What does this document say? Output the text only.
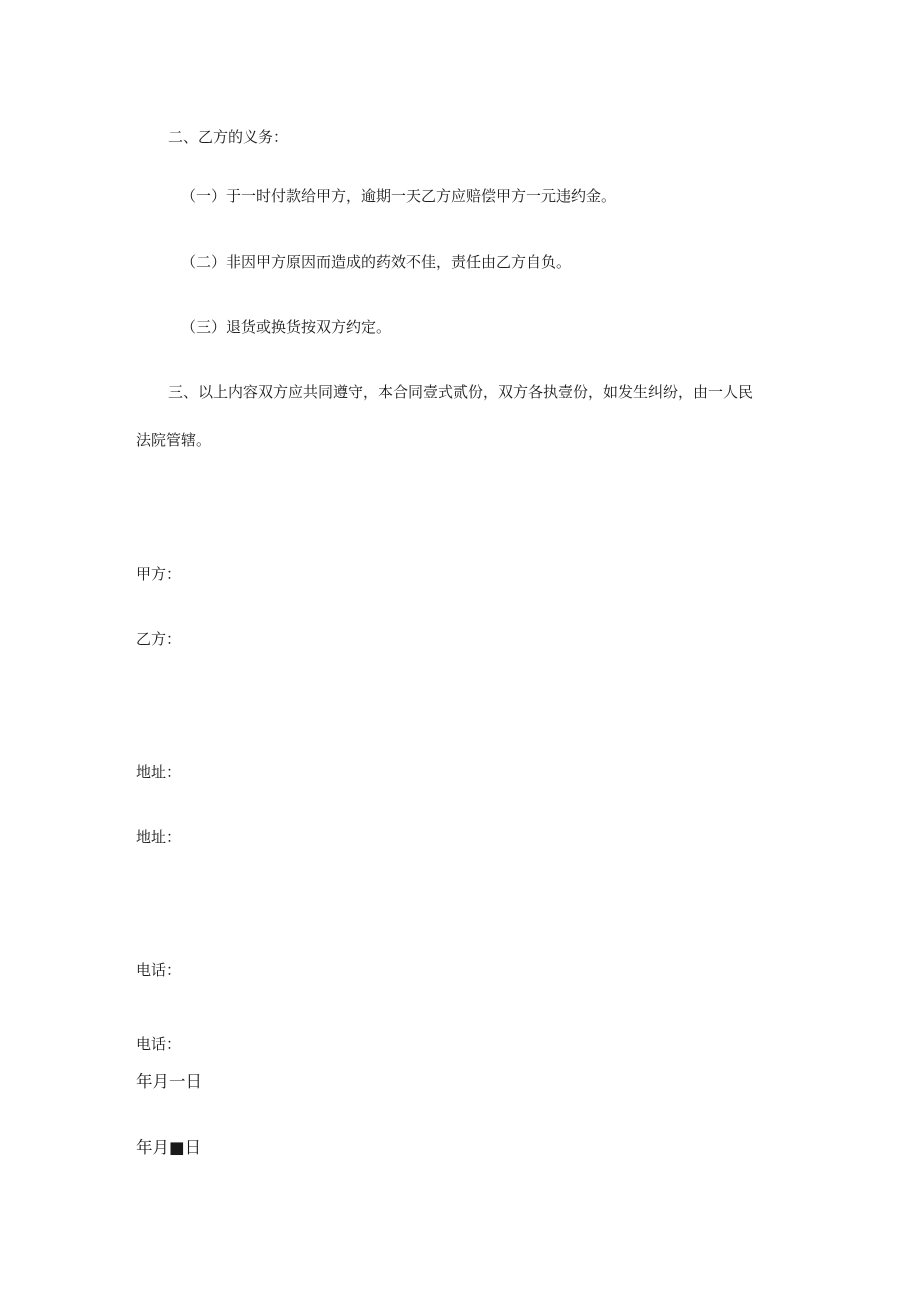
二、乙方的义务：

（一）于一时付款给甲方，逾期一天乙方应赔偿甲方一元违约金。

（二）非因甲方原因而造成的药效不佳，责任由乙方自负。

（三）退货或换货按双方约定。

三、以上内容双方应共同遵守，本合同壹式贰份，双方各执壹份，如发生纠纷，由一人民

法院管辖。

甲方：

乙方：

地址：

地址：

电话：

电话：

年月一日

年月■日
